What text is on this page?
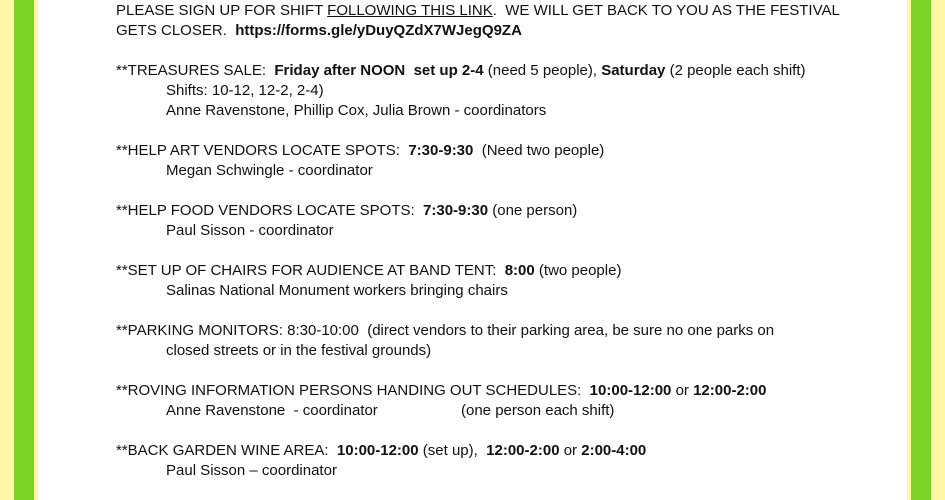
PLEASE SIGN UP FOR SHIFT FOLLOWING THIS LINK.  WE WILL GET BACK TO YOU AS THE FESTIVAL
GETS CLOSER.  https://forms.gle/yDuyQZdX7WJegQ9ZA
**TREASURES SALE:  Friday after NOON  set up 2-4 (need 5 people), Saturday (2 people each shift)
Shifts: 10-12, 12-2, 2-4)
Anne Ravenstone, Phillip Cox, Julia Brown - coordinators
**HELP ART VENDORS LOCATE SPOTS:  7:30-9:30  (Need two people)
Megan Schwingle - coordinator
**HELP FOOD VENDORS LOCATE SPOTS:  7:30-9:30 (one person)
Paul Sisson - coordinator
**SET UP OF CHAIRS FOR AUDIENCE AT BAND TENT:  8:00 (two people)
Salinas National Monument workers bringing chairs
**PARKING MONITORS: 8:30-10:00  (direct vendors to their parking area, be sure no one parks on
closed streets or in the festival grounds)
**ROVING INFORMATION PERSONS HANDING OUT SCHEDULES:  10:00-12:00 or 12:00-2:00
Anne Ravenstone  - coordinator	(one person each shift)
**BACK GARDEN WINE AREA:  10:00-12:00 (set up),  12:00-2:00 or 2:00-4:00
Paul Sisson – coordinator
